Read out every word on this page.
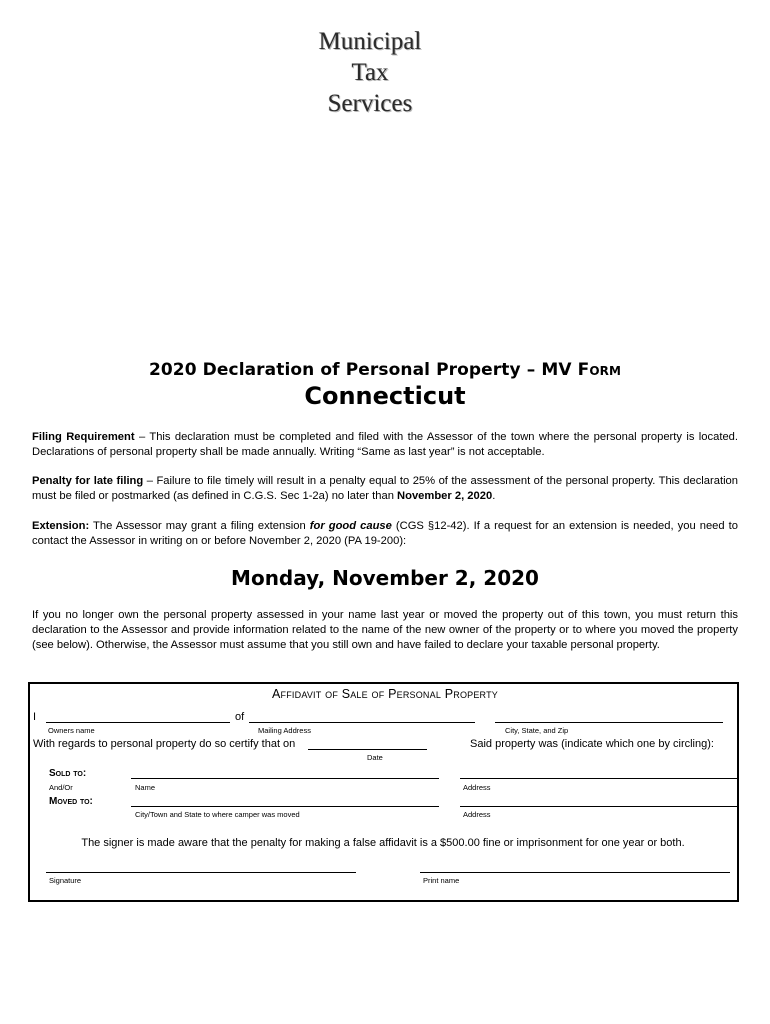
Municipal
Tax
Services
2020 Declaration of Personal Property – MV Form
Connecticut
Filing Requirement – This declaration must be completed and filed with the Assessor of the town where the personal property is located. Declarations of personal property shall be made annually. Writing “Same as last year” is not acceptable.
Penalty for late filing – Failure to file timely will result in a penalty equal to 25% of the assessment of the personal property. This declaration must be filed or postmarked (as defined in C.G.S. Sec 1-2a) no later than November 2, 2020.
Extension: The Assessor may grant a filing extension for good cause (CGS §12-42). If a request for an extension is needed, you need to contact the Assessor in writing on or before November 2, 2020 (PA 19-200):
Monday, November 2, 2020
If you no longer own the personal property assessed in your name last year or moved the property out of this town, you must return this declaration to the Assessor and provide information related to the name of the new owner of the property or to where you moved the property (see below). Otherwise, the Assessor must assume that you still own and have failed to declare your taxable personal property.
Affidavit of Sale of Personal Property
I	of
Owners name	Mailing Address	City, State, and Zip
With regards to personal property do so certify that on	Said property was (indicate which one by circling):
Date
Sold to:
And/Or	Name	Address
Moved to:
City/Town and State to where camper was moved	Address
The signer is made aware that the penalty for making a false affidavit is a $500.00 fine or imprisonment for one year or both.
Signature	Print name
